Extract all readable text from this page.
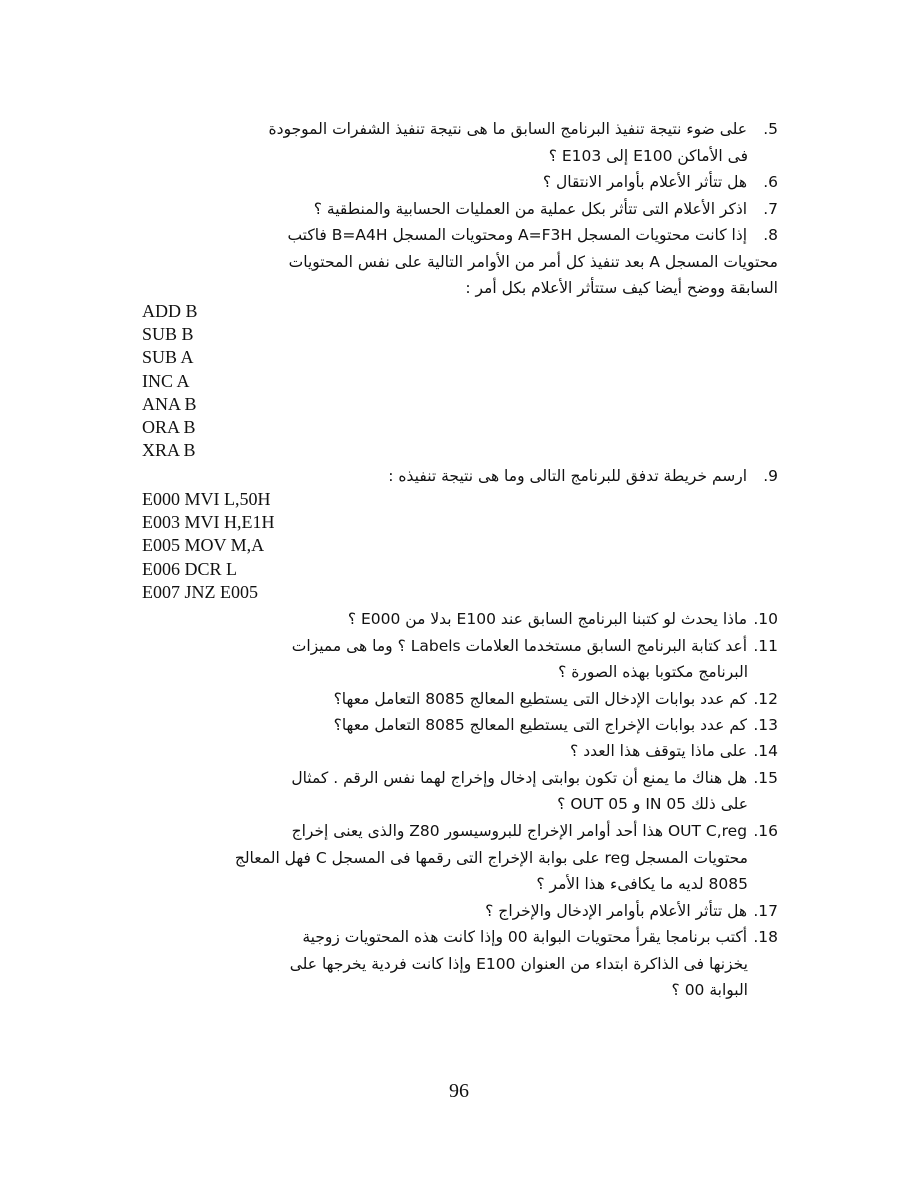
5. على ضوء نتيجة تنفيذ البرنامج السابق ما هى نتيجة تنفيذ الشفرات الموجودة
فى الأماكن E100 إلى E103 ؟
6. هل تتأثر الأعلام بأوامر الانتقال ؟
7. اذكر الأعلام التى تتأثر بكل عملية من العمليات الحسابية والمنطقية ؟
8. إذا كانت محتويات المسجل A=F3H ومحتويات المسجل B=A4H فاكتب
محتويات المسجل A بعد تنفيذ كل أمر من الأوامر التالية على نفس المحتويات
السابقة ووضح أيضا كيف ستتأثر الأعلام بكل أمر :
ADD B
SUB B
SUB A
INC A
ANA B
ORA B
XRA B
9. ارسم خريطة تدفق للبرنامج التالى وما هى نتيجة تنفيذه :
E000 MVI L,50H
E003 MVI H,E1H
E005 MOV M,A
E006 DCR L
E007 JNZ E005
10. ماذا يحدث لو كتبنا البرنامج السابق عند E100 بدلا من E000 ؟
11. أعد كتابة البرنامج السابق مستخدما العلامات Labels ؟ وما هى مميزات
البرنامج مكتوبا بهذه الصورة ؟
12. كم عدد بوابات الإدخال التى يستطيع المعالج 8085 التعامل معها؟
13. كم عدد بوابات الإخراج التى يستطيع المعالج 8085 التعامل معها؟
14. على ماذا يتوقف هذا العدد ؟
15. هل هناك ما يمنع أن تكون بوابتى إدخال وإخراج لهما نفس الرقم . كمثال
على ذلك IN 05 و OUT 05 ؟
16. OUT C,reg هذا أحد أوامر الإخراج للبروسيسور Z80 والذى يعنى إخراج
محتويات المسجل reg على بوابة الإخراج التى رقمها فى المسجل C فهل المعالج
8085 لديه ما يكافىء هذا الأمر ؟
17. هل تتأثر الأعلام بأوامر الإدخال والإخراج ؟
18. أكتب برنامجا يقرأ محتويات البوابة 00 وإذا كانت هذه المحتويات زوجية
يخزنها فى الذاكرة ابتداء من العنوان E100 وإذا كانت فردية يخرجها على
البوابة 00 ؟
96
